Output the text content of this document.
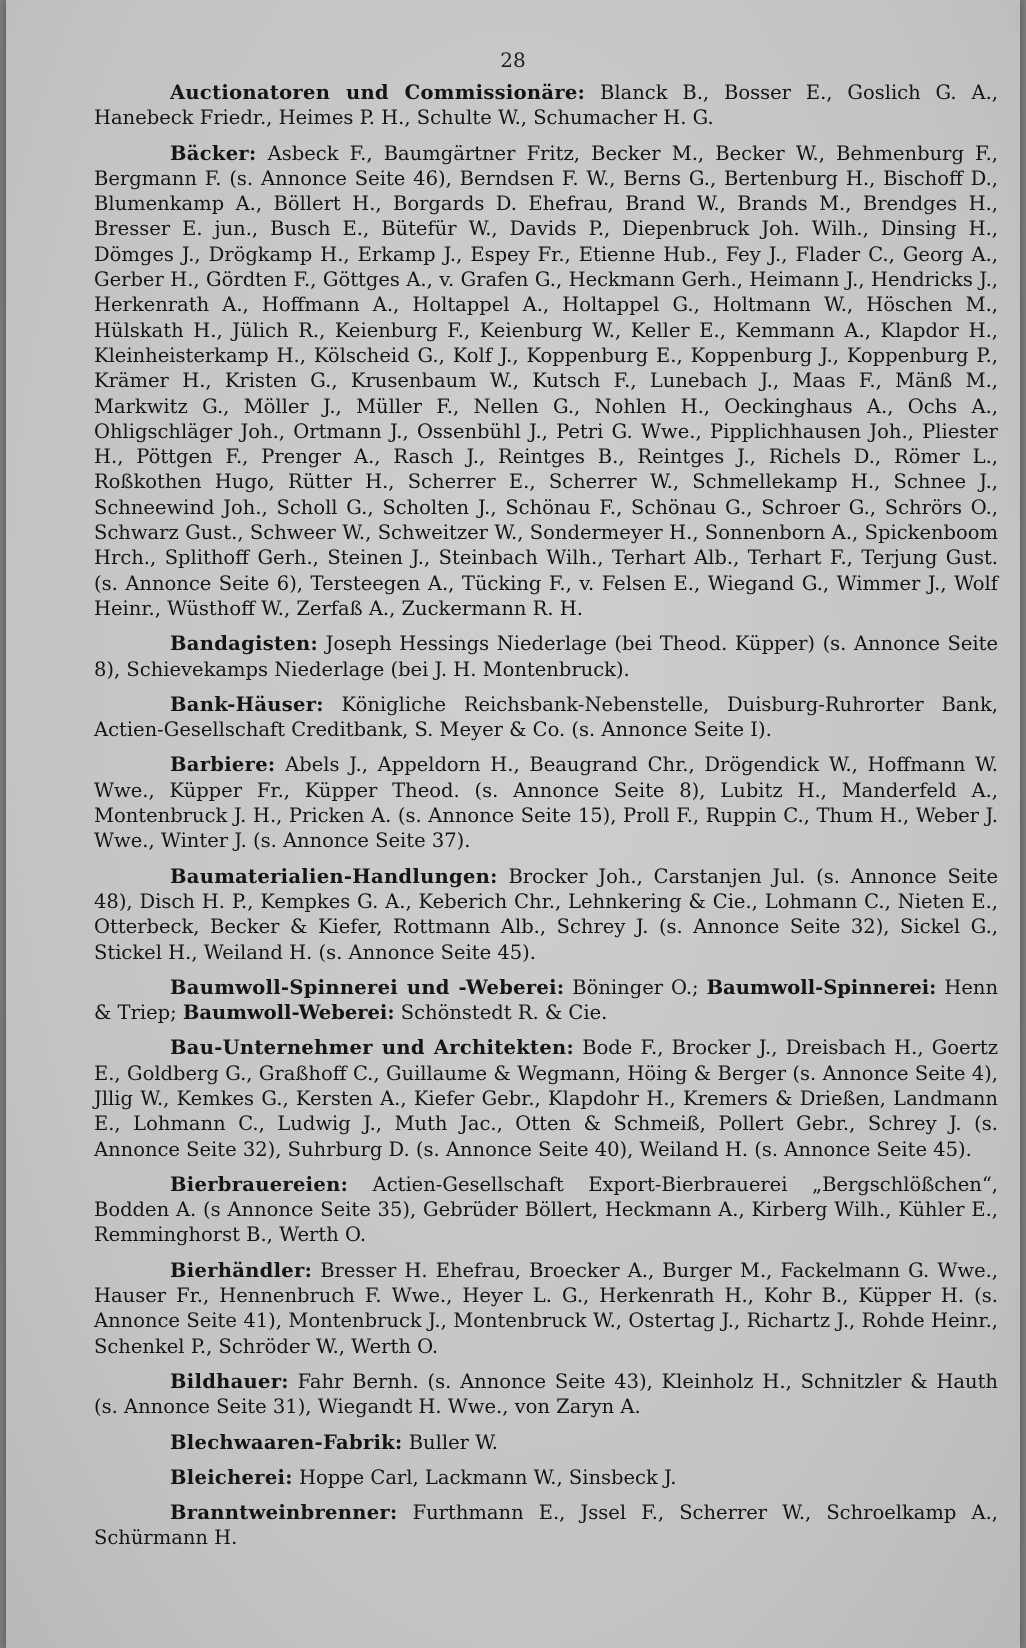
28

Auctionatoren und Commissionäre: Blanck B., Bosser E., Goslich G. A., Hanebeck Friedr., Heimes P. H., Schulte W., Schumacher H. G.

Bäcker: Asbeck F., Baumgärtner Fritz, Becker M., Becker W., Behmenburg F., Bergmann F. (s. Annonce Seite 46), Berndsen F. W., Berns G., Bertenburg H., Bischoff D., Blumenkamp A., Böllert H., Borgards D. Ehefrau, Brand W., Brands M., Brendges H., Bresser E. jun., Busch E., Bütefür W., Davids P., Diepenbruck Joh. Wilh., Dinsing H., Dömges J., Drögkamp H., Erkamp J., Espey Fr., Etienne Hub., Fey J., Flader C., Georg A., Gerber H., Gördten F., Göttges A., v. Grafen G., Heckmann Gerh., Heimann J., Hendricks J., Herkenrath A., Hoffmann A., Holtappel A., Holtappel G., Holtmann W., Höschen M., Hülskath H., Jülich R., Keienburg F., Keienburg W., Keller E., Kemmann A., Klapdor H., Kleinheisterkamp H., Kölscheid G., Kolf J., Koppenburg E., Koppenburg J., Koppenburg P., Krämer H., Kristen G., Krusenbaum W., Kutsch F., Lunebach J., Maas F., Mänß M., Markwitz G., Möller J., Müller F., Nellen G., Nohlen H., Oeckinghaus A., Ochs A., Ohligschläger Joh., Ortmann J., Ossenbühl J., Petri G. Wwe., Pipplichhausen Joh., Pliester H., Pöttgen F., Prenger A., Rasch J., Reintges B., Reintges J., Richels D., Römer L., Roßkothen Hugo, Rütter H., Scherrer E., Scherrer W., Schmellekamp H., Schnee J., Schneewind Joh., Scholl G., Scholten J., Schönau F., Schönau G., Schroer G., Schrörs O., Schwarz Gust., Schweer W., Schweitzer W., Sondermeyer H., Sonnenborn A., Spickenboom Hrch., Splithoff Gerh., Steinen J., Steinbach Wilh., Terhart Alb., Terhart F., Terjung Gust. (s. Annonce Seite 6), Tersteegen A., Tücking F., v. Felsen E., Wiegand G., Wimmer J., Wolf Heinr., Wüsthoff W., Zerfaß A., Zuckermann R. H.

Bandagisten: Joseph Hessings Niederlage (bei Theod. Küpper) (s. Annonce Seite 8), Schievekamps Niederlage (bei J. H. Montenbruck).

Bank-Häuser: Königliche Reichsbank-Nebenstelle, Duisburg-Ruhrorter Bank, Actien-Gesellschaft Creditbank, S. Meyer & Co. (s. Annonce Seite I).

Barbiere: Abels J., Appeldorn H., Beaugrand Chr., Drögendick W., Hoffmann W. Wwe., Küpper Fr., Küpper Theod. (s. Annonce Seite 8), Lubitz H., Manderfeld A., Montenbruck J. H., Pricken A. (s. Annonce Seite 15), Proll F., Ruppin C., Thum H., Weber J. Wwe., Winter J. (s. Annonce Seite 37).

Baumaterialien-Handlungen: Brocker Joh., Carstanjen Jul. (s. Annonce Seite 48), Disch H. P., Kempkes G. A., Keberich Chr., Lehnkering & Cie., Lohmann C., Nieten E., Otterbeck, Becker & Kiefer, Rottmann Alb., Schrey J. (s. Annonce Seite 32), Sickel G., Stickel H., Weiland H. (s. Annonce Seite 45).

Baumwoll-Spinnerei und -Weberei: Böninger O.; Baumwoll-Spinnerei: Henn & Triep; Baumwoll-Weberei: Schönstedt R. & Cie.

Bau-Unternehmer und Architekten: Bode F., Brocker J., Dreisbach H., Goertz E., Goldberg G., Graßhoff C., Guillaume & Wegmann, Höing & Berger (s. Annonce Seite 4), Jllig W., Kemkes G., Kersten A., Kiefer Gebr., Klapdohr H., Kremers & Drießen, Landmann E., Lohmann C., Ludwig J., Muth Jac., Otten & Schmeiß, Pollert Gebr., Schrey J. (s. Annonce Seite 32), Suhrburg D. (s. Annonce Seite 40), Weiland H. (s. Annonce Seite 45).

Bierbrauereien: Actien-Gesellschaft Export-Bierbrauerei „Bergschlößchen“, Bodden A. (s Annonce Seite 35), Gebrüder Böllert, Heckmann A., Kirberg Wilh., Kühler E., Remminghorst B., Werth O.

Bierhändler: Bresser H. Ehefrau, Broecker A., Burger M., Fackelmann G. Wwe., Hauser Fr., Hennenbruch F. Wwe., Heyer L. G., Herkenrath H., Kohr B., Küpper H. (s. Annonce Seite 41), Montenbruck J., Montenbruck W., Ostertag J., Richartz J., Rohde Heinr., Schenkel P., Schröder W., Werth O.

Bildhauer: Fahr Bernh. (s. Annonce Seite 43), Kleinholz H., Schnitzler & Hauth (s. Annonce Seite 31), Wiegandt H. Wwe., von Zaryn A.

Blechwaaren-Fabrik: Buller W.

Bleicherei: Hoppe Carl, Lackmann W., Sinsbeck J.

Branntweinbrenner: Furthmann E., Jssel F., Scherrer W., Schroelkamp A., Schürmann H.
